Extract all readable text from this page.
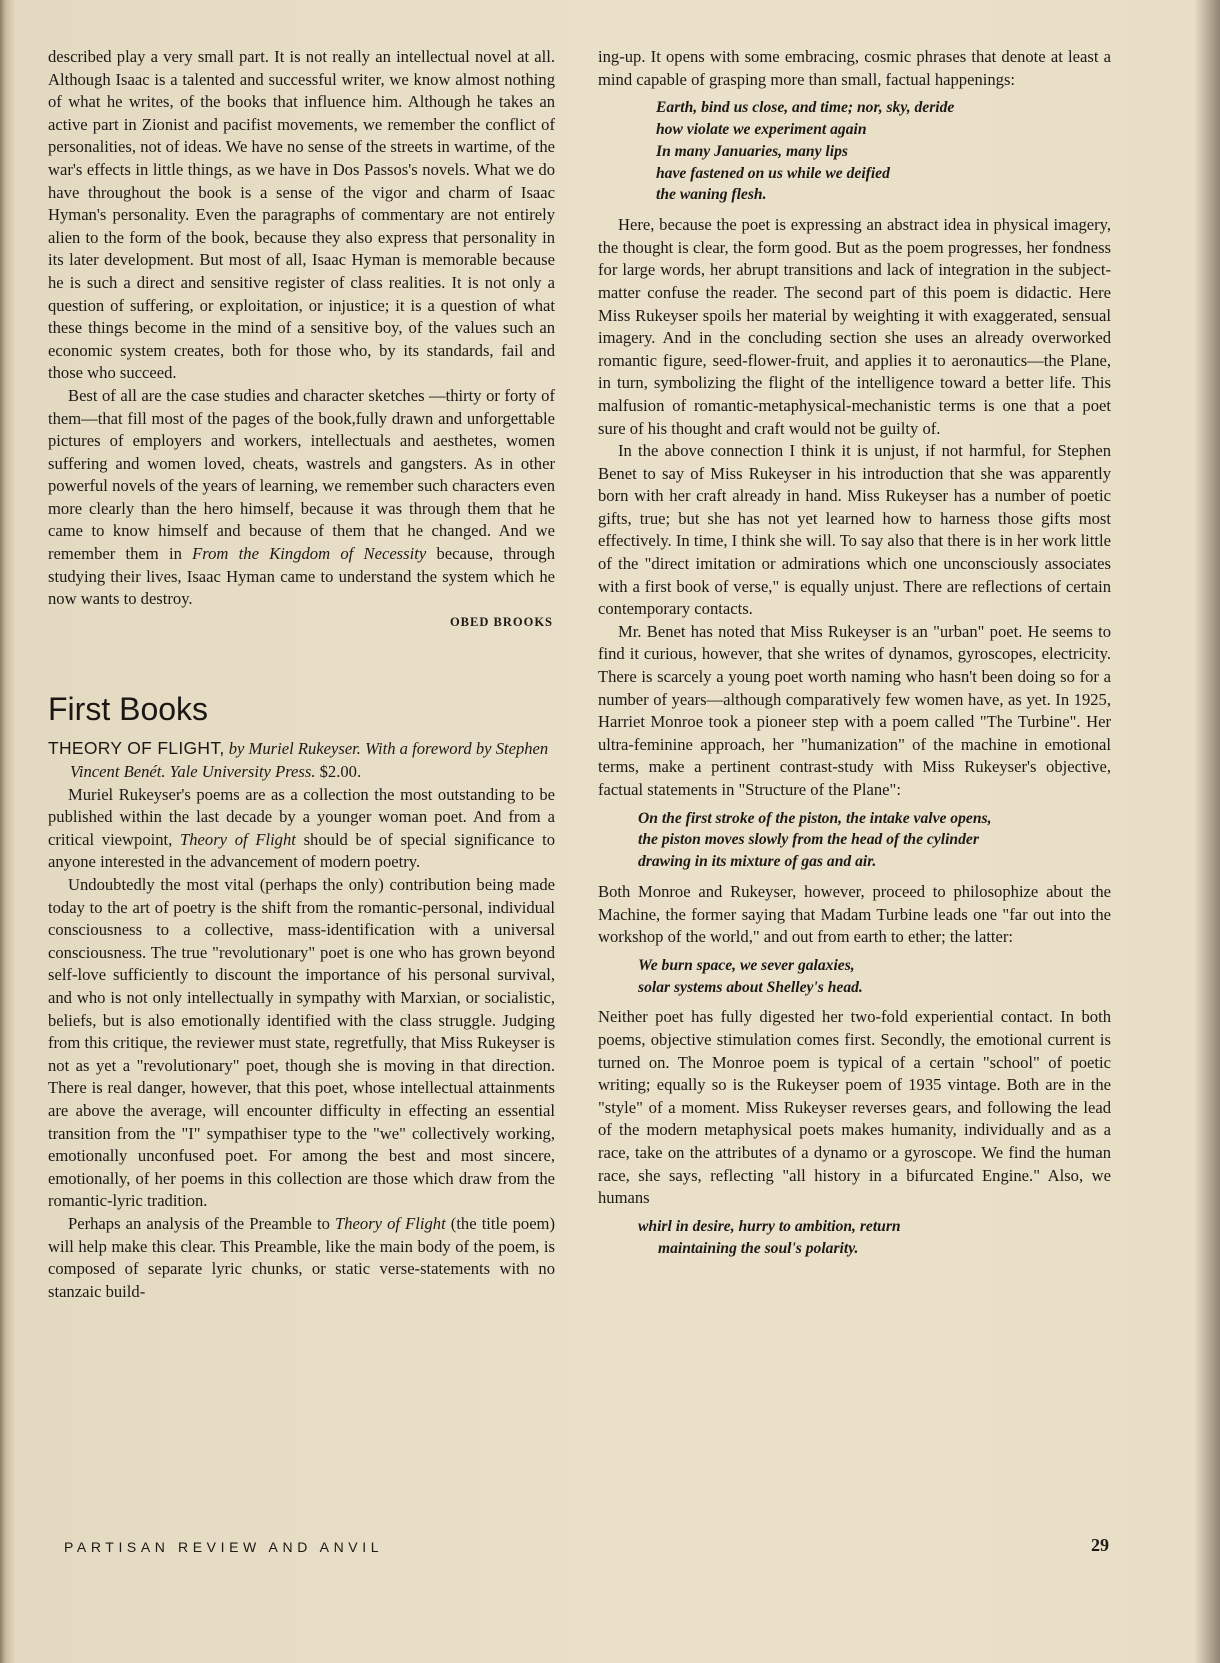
described play a very small part. It is not really an intellectual novel at all. Although Isaac is a talented and successful writer, we know almost nothing of what he writes, of the books that influence him. Although he takes an active part in Zionist and pacifist movements, we remember the conflict of personalities, not of ideas. We have no sense of the streets in wartime, of the war's effects in little things, as we have in Dos Passos's novels. What we do have throughout the book is a sense of the vigor and charm of Isaac Hyman's personality. Even the paragraphs of commentary are not entirely alien to the form of the book, because they also express that personality in its later development. But most of all, Isaac Hyman is memorable because he is such a direct and sensitive register of class realities. It is not only a question of suffering, or exploitation, or injustice; it is a question of what these things become in the mind of a sensitive boy, of the values such an economic system creates, both for those who, by its standards, fail and those who succeed.

Best of all are the case studies and character sketches —thirty or forty of them—that fill most of the pages of the book,fully drawn and unforgettable pictures of employers and workers, intellectuals and aesthetes, women suffering and women loved, cheats, wastrels and gangsters. As in other powerful novels of the years of learning, we remember such characters even more clearly than the hero himself, because it was through them that he came to know himself and because of them that he changed. And we remember them in From the Kingdom of Necessity because, through studying their lives, Isaac Hyman came to understand the system which he now wants to destroy.
OBED BROOKS
First Books

THEORY OF FLIGHT, by Muriel Rukeyser. With a foreword by Stephen Vincent Benét. Yale University Press. $2.00.

Muriel Rukeyser's poems are as a collection the most outstanding to be published within the last decade by a younger woman poet. And from a critical viewpoint, Theory of Flight should be of special significance to anyone interested in the advancement of modern poetry.

Undoubtedly the most vital (perhaps the only) contribution being made today to the art of poetry is the shift from the romantic-personal, individual consciousness to a collective, mass-identification with a universal consciousness. The true "revolutionary" poet is one who has grown beyond self-love sufficiently to discount the importance of his personal survival, and who is not only intellectually in sympathy with Marxian, or socialistic, beliefs, but is also emotionally identified with the class struggle. Judging from this critique, the reviewer must state, regretfully, that Miss Rukeyser is not as yet a "revolutionary" poet, though she is moving in that direction. There is real danger, however, that this poet, whose intellectual attainments are above the average, will encounter difficulty in effecting an essential transition from the "I" sympathiser type to the "we" collectively working, emotionally unconfused poet. For among the best and most sincere, emotionally, of her poems in this collection are those which draw from the romantic-lyric tradition.

Perhaps an analysis of the Preamble to Theory of Flight (the title poem) will help make this clear. This Preamble, like the main body of the poem, is composed of separate lyric chunks, or static verse-statements with no stanzaic build-

ing-up. It opens with some embracing, cosmic phrases that denote at least a mind capable of grasping more than small, factual happenings:

Earth, bind us close, and time; nor, sky, deride
how violate we experiment again
In many Januaries, many lips
have fastened on us while we deified
the waning flesh.

Here, because the poet is expressing an abstract idea in physical imagery, the thought is clear, the form good. But as the poem progresses, her fondness for large words, her abrupt transitions and lack of integration in the subject-matter confuse the reader. The second part of this poem is didactic. Here Miss Rukeyser spoils her material by weighting it with exaggerated, sensual imagery. And in the concluding section she uses an already overworked romantic figure, seed-flower-fruit, and applies it to aeronautics—the Plane, in turn, symbolizing the flight of the intelligence toward a better life. This malfusion of romantic-metaphysical-mechanistic terms is one that a poet sure of his thought and craft would not be guilty of.

In the above connection I think it is unjust, if not harmful, for Stephen Benet to say of Miss Rukeyser in his introduction that she was apparently born with her craft already in hand. Miss Rukeyser has a number of poetic gifts, true; but she has not yet learned how to harness those gifts most effectively. In time, I think she will. To say also that there is in her work little of the "direct imitation or admirations which one unconsciously associates with a first book of verse," is equally unjust. There are reflections of certain contemporary contacts.

Mr. Benet has noted that Miss Rukeyser is an "urban" poet. He seems to find it curious, however, that she writes of dynamos, gyroscopes, electricity. There is scarcely a young poet worth naming who hasn't been doing so for a number of years—although comparatively few women have, as yet. In 1925, Harriet Monroe took a pioneer step with a poem called "The Turbine". Her ultra-feminine approach, her "humanization" of the machine in emotional terms, make a pertinent contrast-study with Miss Rukeyser's objective, factual statements in "Structure of the Plane":

On the first stroke of the piston, the intake valve opens,
the piston moves slowly from the head of the cylinder
drawing in its mixture of gas and air.

Both Monroe and Rukeyser, however, proceed to philosophize about the Machine, the former saying that Madam Turbine leads one "far out into the workshop of the world," and out from earth to ether; the latter:

We burn space, we sever galaxies,
solar systems about Shelley's head.

Neither poet has fully digested her two-fold experiential contact. In both poems, objective stimulation comes first. Secondly, the emotional current is turned on. The Monroe poem is typical of a certain "school" of poetic writing; equally so is the Rukeyser poem of 1935 vintage. Both are in the "style" of a moment. Miss Rukeyser reverses gears, and following the lead of the modern metaphysical poets makes humanity, individually and as a race, take on the attributes of a dynamo or a gyroscope. We find the human race, she says, reflecting "all history in a bifurcated Engine." Also, we humans

whirl in desire, hurry to ambition, return
maintaining the soul's polarity.
PARTISAN REVIEW AND ANVIL	29
